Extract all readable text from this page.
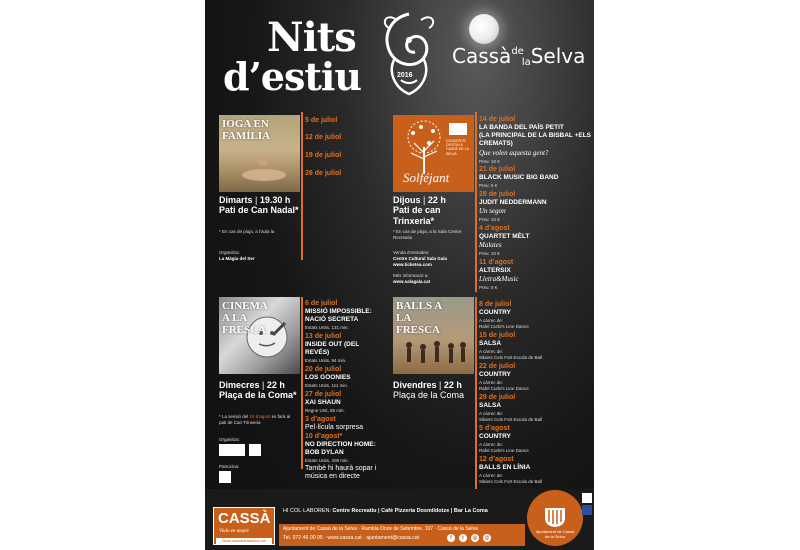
Nits
d’estiu	2016
Cassà$^{de}$laSelva
IOGA EN FAMÍLIA
5 de juliol
12 de juliol
19 de juliol
26 de juliol
Dimarts | 19.30 h
Pati de Can Nadal*
* En cas de pluja, a l’aula la
Organitza:
La Màgia del Ser
CONCERTS D’ESTIU A CASSÀ DE LA SELVA
Solféjant
Dijous | 22 h
Pati de can Trinxeria*
* En cas de pluja, a la Sala Centre Recreatiu
Venda d’entrades:
Centre Cultural Sala Gala
www.ticketea.com
Més informació a:
www.salagala.cat
14 de juliol
LA BANDA DEL PAÍS PETIT
(LA PRINCIPAL DE LA BISBAL +ELS CREMATS)
Que volen aquesta gent?
Preu: 10 €
21 de juliol
BLACK MUSIC BIG BAND
Preu: 5 €
28 de juliol
JUDIT NEDDERMANN
Un segon
Preu: 10 €
4 d’agost
QUARTET MÈLT
Malates
Preu: 10 €
11 d’agost
ALTERSIX
Lletra&Music
Preu: 5 €
CINEMA A LA FRESCA
Dimecres | 22 h
Plaça de la Coma*
* La sessió del 10 d’agost es farà al pati de Can Trinxeria
Organitza:
Patrocina:
6 de juliol
MISSIÓ IMPOSSIBLE: NACIÓ SECRETA
Estats Units, 131 min.
13 de juliol
INSIDE OUT (DEL REVÉS)
Estats Units, 94 min.
20 de juliol
LOS GOONIES
Estats Units, 111 min.
27 de juliol
XAI SHAUN
Regne Unit, 85 min.
3 d’agost
Pel·lícula sorpresa
10 d’agost*
NO DIRECTION HOME: BOB DYLAN
Estats Units, 208 min.
També hi haurà sopar i música en directe
BALLS A LA FRESCA
Divendres | 22 h
Plaça de la Coma
8 de juliol
COUNTRY
A càrrec de:
Rafel Curbi’s Line Dance
15 de juliol
SALSA
A càrrec de:
Sibiers Cels Fort Escola de Ball
22 de juliol
COUNTRY
A càrrec de:
Rafel Curbi’s Line Dance
29 de juliol
SALSA
A càrrec de:
Sibiers Cels Fort Escola de Ball
5 d’agost
COUNTRY
A càrrec de:
Rafel Curbi’s Line Dance
12 d’agost
BALLS EN LÍNIA
A càrrec de:
Sibiers Cels Fort Escola de Ball
HI COL·LABOREN: Centre Recreatiu | Cafè Pizzeria Dosmildotze | Bar La Coma
CASSÀ
Viulo en ample
www.cassadelaselva.cat
Ajuntament de Cassà de la Selva · Rambla Onze de Setembre, 107 · Cassà de la Selva
Tel. 972 46 00 05 · www.cassa.cat · ajuntament@cassa.cat	f	t	◎	@
Ajuntament de Cassà de la Selva
